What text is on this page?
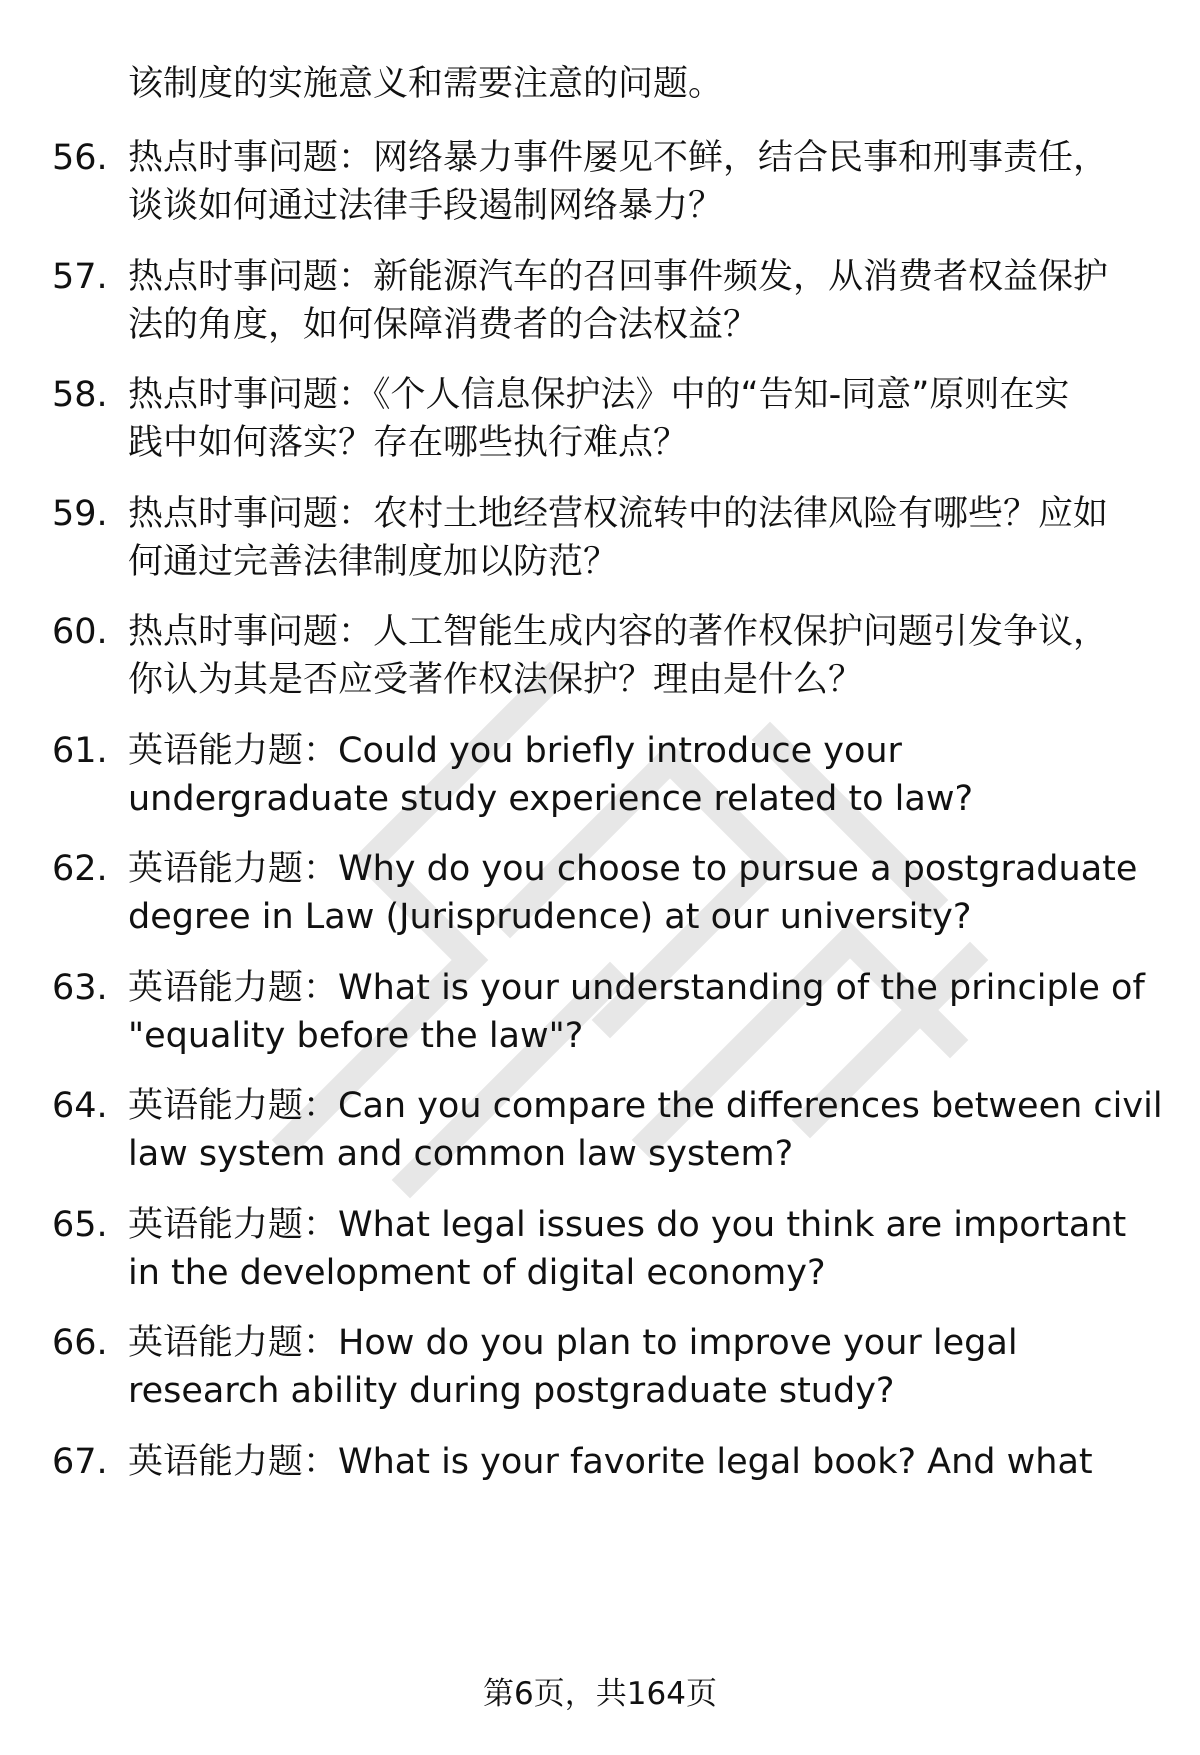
该制度的实施意义和需要注意的问题。
56. 热点时事问题：网络暴力事件屡见不鲜，结合民事和刑事责任，
谈谈如何通过法律手段遏制网络暴力？
57. 热点时事问题：新能源汽车的召回事件频发，从消费者权益保护
法的角度，如何保障消费者的合法权益？
58. 热点时事问题：《个人信息保护法》中的“告知-同意”原则在实
践中如何落实？存在哪些执行难点？
59. 热点时事问题：农村土地经营权流转中的法律风险有哪些？应如
何通过完善法律制度加以防范？
60. 热点时事问题：人工智能生成内容的著作权保护问题引发争议，
你认为其是否应受著作权法保护？理由是什么？
61. 英语能力题：Could you briefly introduce your
undergraduate study experience related to law?
62. 英语能力题：Why do you choose to pursue a postgraduate
degree in Law (Jurisprudence) at our university?
63. 英语能力题：What is your understanding of the principle of
"equality before the law"?
64. 英语能力题：Can you compare the differences between civil
law system and common law system?
65. 英语能力题：What legal issues do you think are important
in the development of digital economy?
66. 英语能力题：How do you plan to improve your legal
research ability during postgraduate study?
67. 英语能力题：What is your favorite legal book? And what
第6页，共164页
